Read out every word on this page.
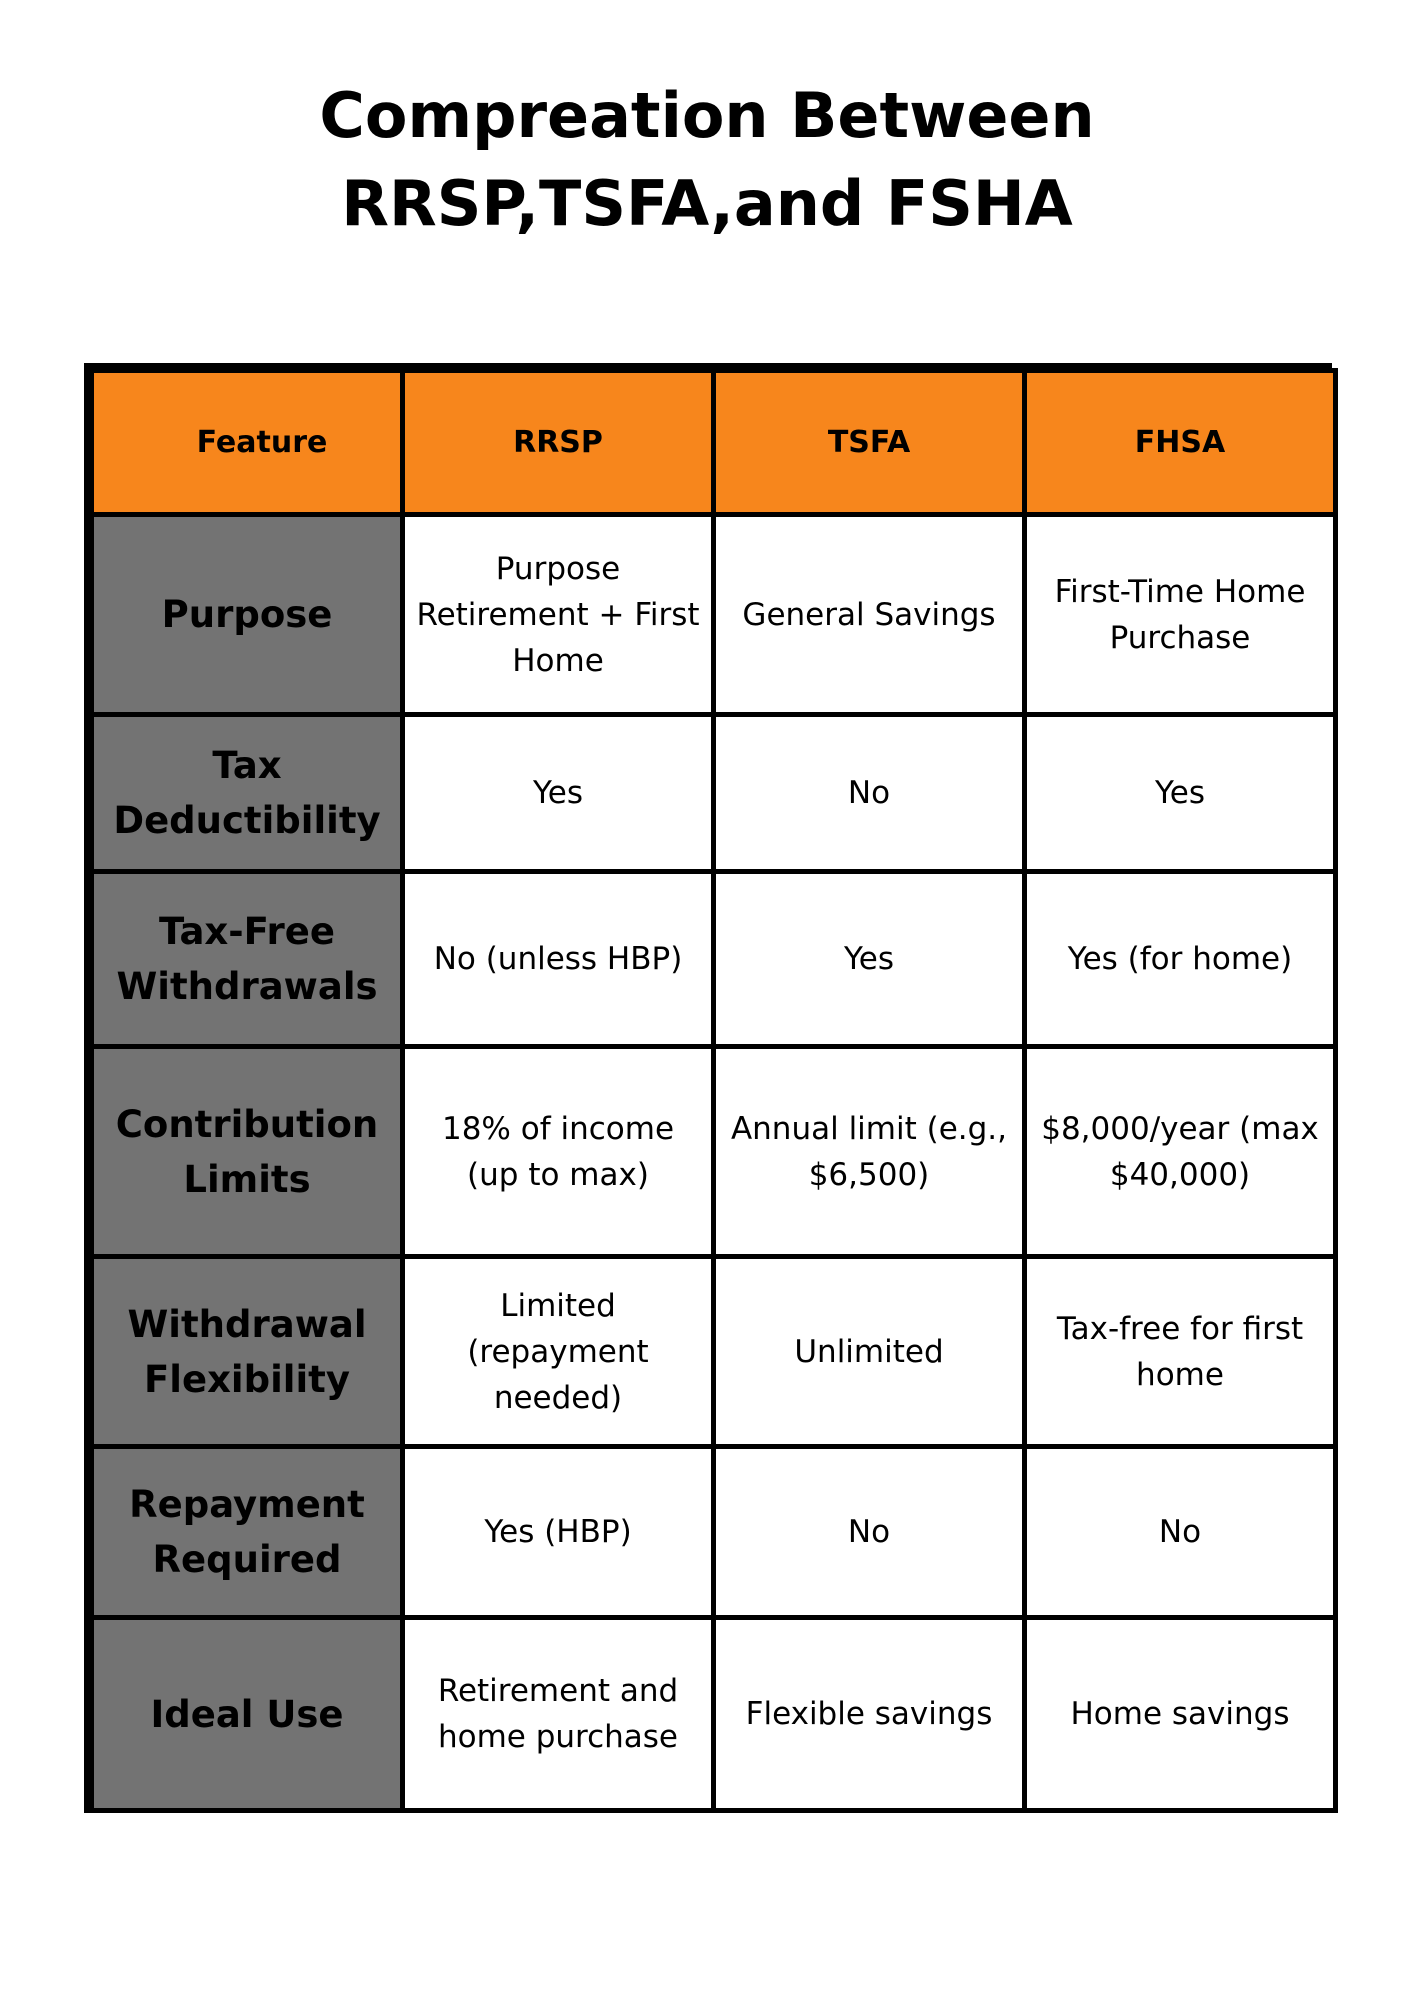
Compreation Between
RRSP,TSFA,and FSHA
Feature	RRSP	TSFA	FHSA
Purpose	Purpose Retirement + First Home	General Savings	First-Time Home Purchase
Tax Deductibility	Yes	No	Yes
Tax-Free Withdrawals	No (unless HBP)	Yes	Yes (for home)
Contribution Limits	18% of income (up to max)	Annual limit (e.g., $6,500)	$8,000/year (max $40,000)
Withdrawal Flexibility	Limited (repayment needed)	Unlimited	Tax-free for first home
Repayment Required	Yes (HBP)	No	No
Ideal Use	Retirement and home purchase	Flexible savings	Home savings
